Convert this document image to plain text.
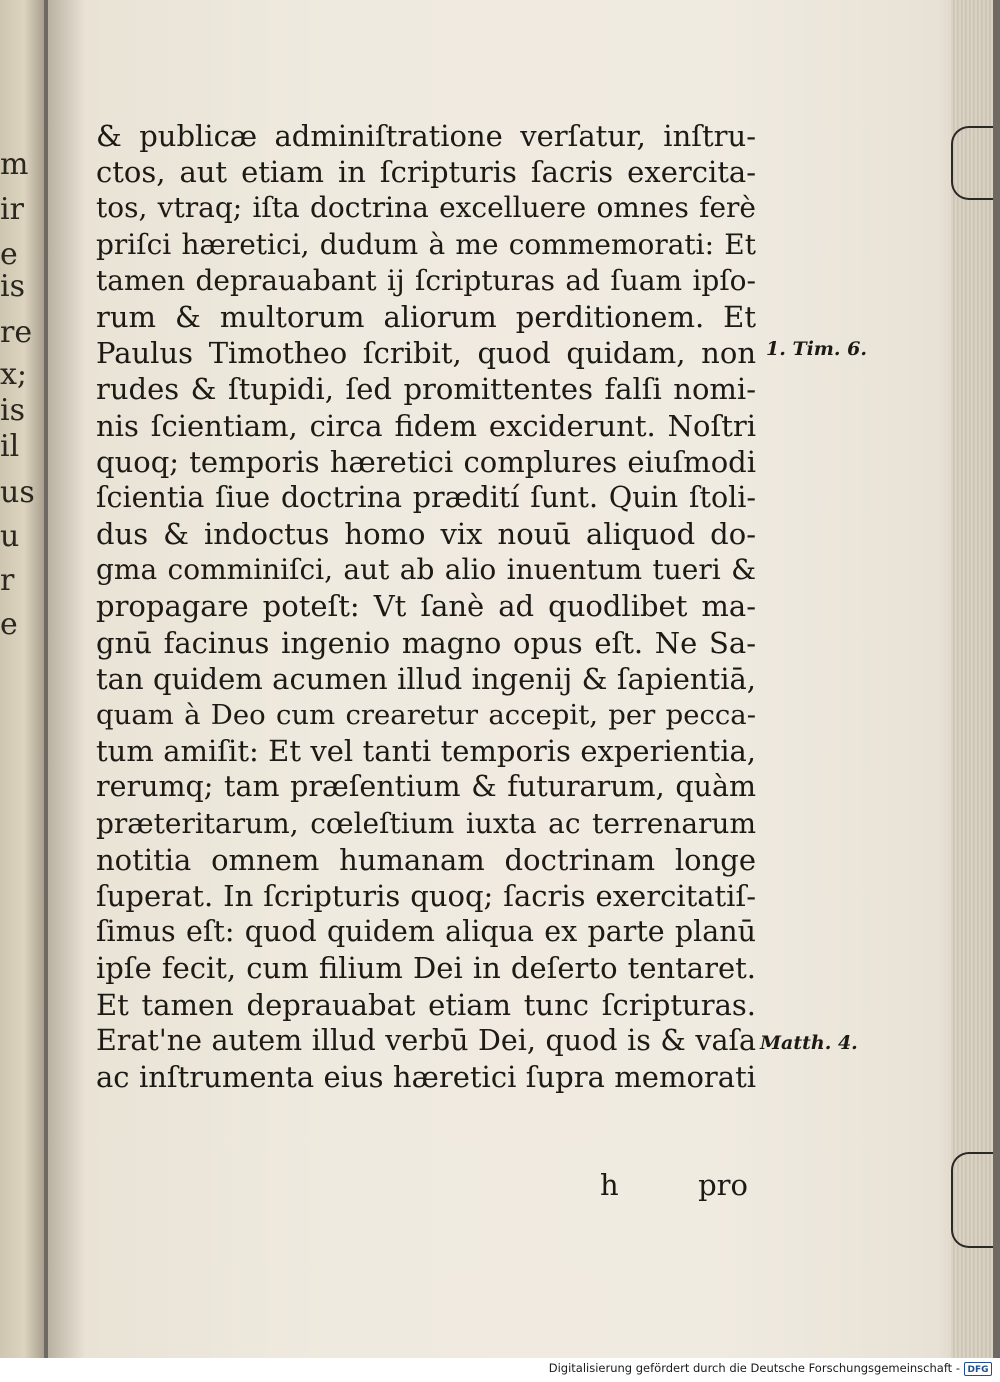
m
ir
e
is
re
x;
is
il
us
u
r
e
& publicæ adminiſtratione verſatur, inſtru-
ctos, aut etiam in ſcripturis ſacris exercita-
tos, vtraq; iſta doctrina excelluere omnes ferè
priſci hæretici, dudum à me commemorati: Et
tamen deprauabant ij ſcripturas ad ſuam ipſo-
rum & multorum aliorum perditionem. Et
Paulus Timotheo ſcribit, quod quidam, non
rudes & ſtupidi, ſed promittentes falſi nomi-
nis ſcientiam, circa fidem exciderunt. Noſtri
quoq; temporis hæretici complures eiuſmodi
ſcientia ſiue doctrina prædití ſunt. Quin ſtoli-
dus & indoctus homo vix nouū aliquod do-
gma comminiſci, aut ab alio inuentum tueri &
propagare poteſt: Vt ſanè ad quodlibet ma-
gnū facinus ingenio magno opus eſt. Ne Sa-
tan quidem acumen illud ingenij & ſapientiā,
quam à Deo cum crearetur accepit, per pecca-
tum amiſit: Et vel tanti temporis experientia,
rerumq; tam præſentium & futurarum, quàm
præteritarum, cœleſtium iuxta ac terrenarum
notitia omnem humanam doctrinam longe
ſuperat. In ſcripturis quoq; ſacris exercitatiſ-
ſimus eſt: quod quidem aliqua ex parte planū
ipſe fecit, cum filium Dei in deſerto tentaret.
Et tamen deprauabat etiam tunc ſcripturas.
Erat'ne autem illud verbū Dei, quod is & vaſa
ac inſtrumenta eius hæretici ſupra memorati
1. Tim. 6.
Matth. 4.
h	pro
Digitalisierung gefördert durch die Deutsche Forschungsgemeinschaft - DFG
